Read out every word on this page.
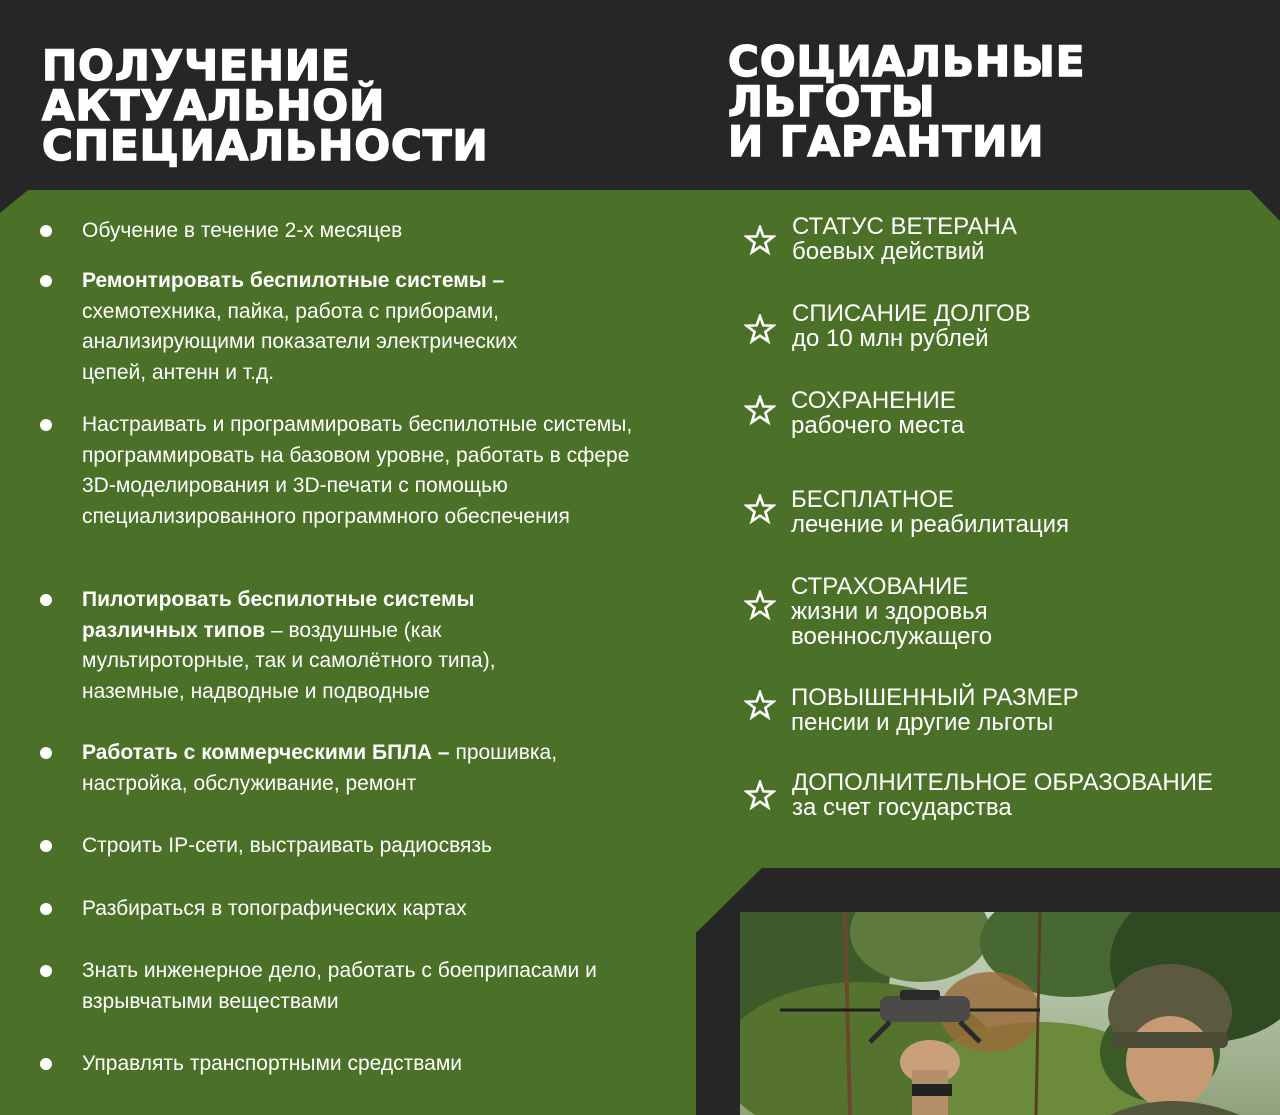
ПОЛУЧЕНИЕ
АКТУАЛЬНОЙ
СПЕЦИАЛЬНОСТИ
СОЦИАЛЬНЫЕ
ЛЬГОТЫ
И ГАРАНТИИ
Обучение в течение 2-х месяцев
Ремонтировать беспилотные системы – схемотехника, пайка, работа с приборами, анализирующими показатели электрических цепей, антенн и т.д.
Настраивать и программировать беспилотные системы, программировать на базовом уровне, работать в сфере 3D-моделирования и 3D-печати с помощью специализированного программного обеспечения
Пилотировать беспилотные системы различных типов – воздушные (как мультироторные, так и самолётного типа), наземные, надводные и подводные
Работать с коммерческими БПЛА – прошивка, настройка, обслуживание, ремонт
Строить IP-сети, выстраивать радиосвязь
Разбираться в топографических картах
Знать инженерное дело, работать с боеприпасами и взрывчатыми веществами
Управлять транспортными средствами
СТАТУС ВЕТЕРАНА
боевых действий
СПИСАНИЕ ДОЛГОВ
до 10 млн рублей
СОХРАНЕНИЕ
рабочего места
БЕСПЛАТНОЕ
лечение и реабилитация
СТРАХОВАНИЕ
жизни и здоровья
военнослужащего
ПОВЫШЕННЫЙ РАЗМЕР
пенсии и другие льготы
ДОПОЛНИТЕЛЬНОЕ ОБРАЗОВАНИЕ
за счет государства
